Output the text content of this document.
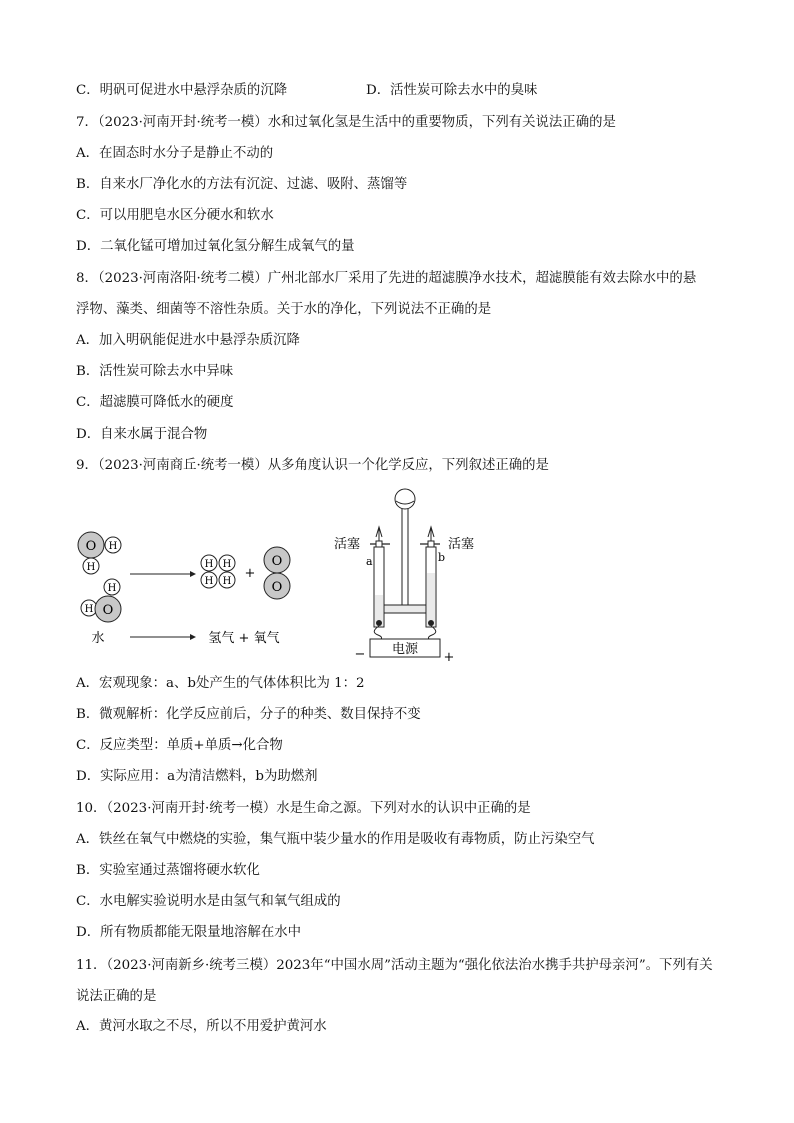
C．明矾可促进水中悬浮杂质的沉降	D．活性炭可除去水中的臭味
7．（2023·河南开封·统考一模）水和过氧化氢是生活中的重要物质，下列有关说法正确的是
A．在固态时水分子是静止不动的
B．自来水厂净化水的方法有沉淀、过滤、吸附、蒸馏等
C．可以用肥皂水区分硬水和软水
D．二氧化锰可增加过氧化氢分解生成氧气的量
8．（2023·河南洛阳·统考二模）广州北部水厂采用了先进的超滤膜净水技术，超滤膜能有效去除水中的悬
浮物、藻类、细菌等不溶性杂质。关于水的净化，下列说法不正确的是
A．加入明矾能促进水中悬浮杂质沉降
B．活性炭可除去水中异味
C．超滤膜可降低水的硬度
D．自来水属于混合物
9．（2023·河南商丘·统考一模）从多角度认识一个化学反应，下列叙述正确的是
O H
H
H
H O
H H
H H
+
O
O
水	氢气 + 氧气
电源
−	+
活塞	活塞
a	b
A．宏观现象：a、b处产生的气体体积比为 1：2
B．微观解析：化学反应前后，分子的种类、数目保持不变
C．反应类型：单质+单质→化合物
D．实际应用：a为清洁燃料，b为助燃剂
10．（2023·河南开封·统考一模）水是生命之源。下列对水的认识中正确的是
A．铁丝在氧气中燃烧的实验，集气瓶中装少量水的作用是吸收有毒物质，防止污染空气
B．实验室通过蒸馏将硬水软化
C．水电解实验说明水是由氢气和氧气组成的
D．所有物质都能无限量地溶解在水中
11．（2023·河南新乡·统考三模）2023年“中国水周”活动主题为“强化依法治水携手共护母亲河”。下列有关
说法正确的是
A．黄河水取之不尽，所以不用爱护黄河水
